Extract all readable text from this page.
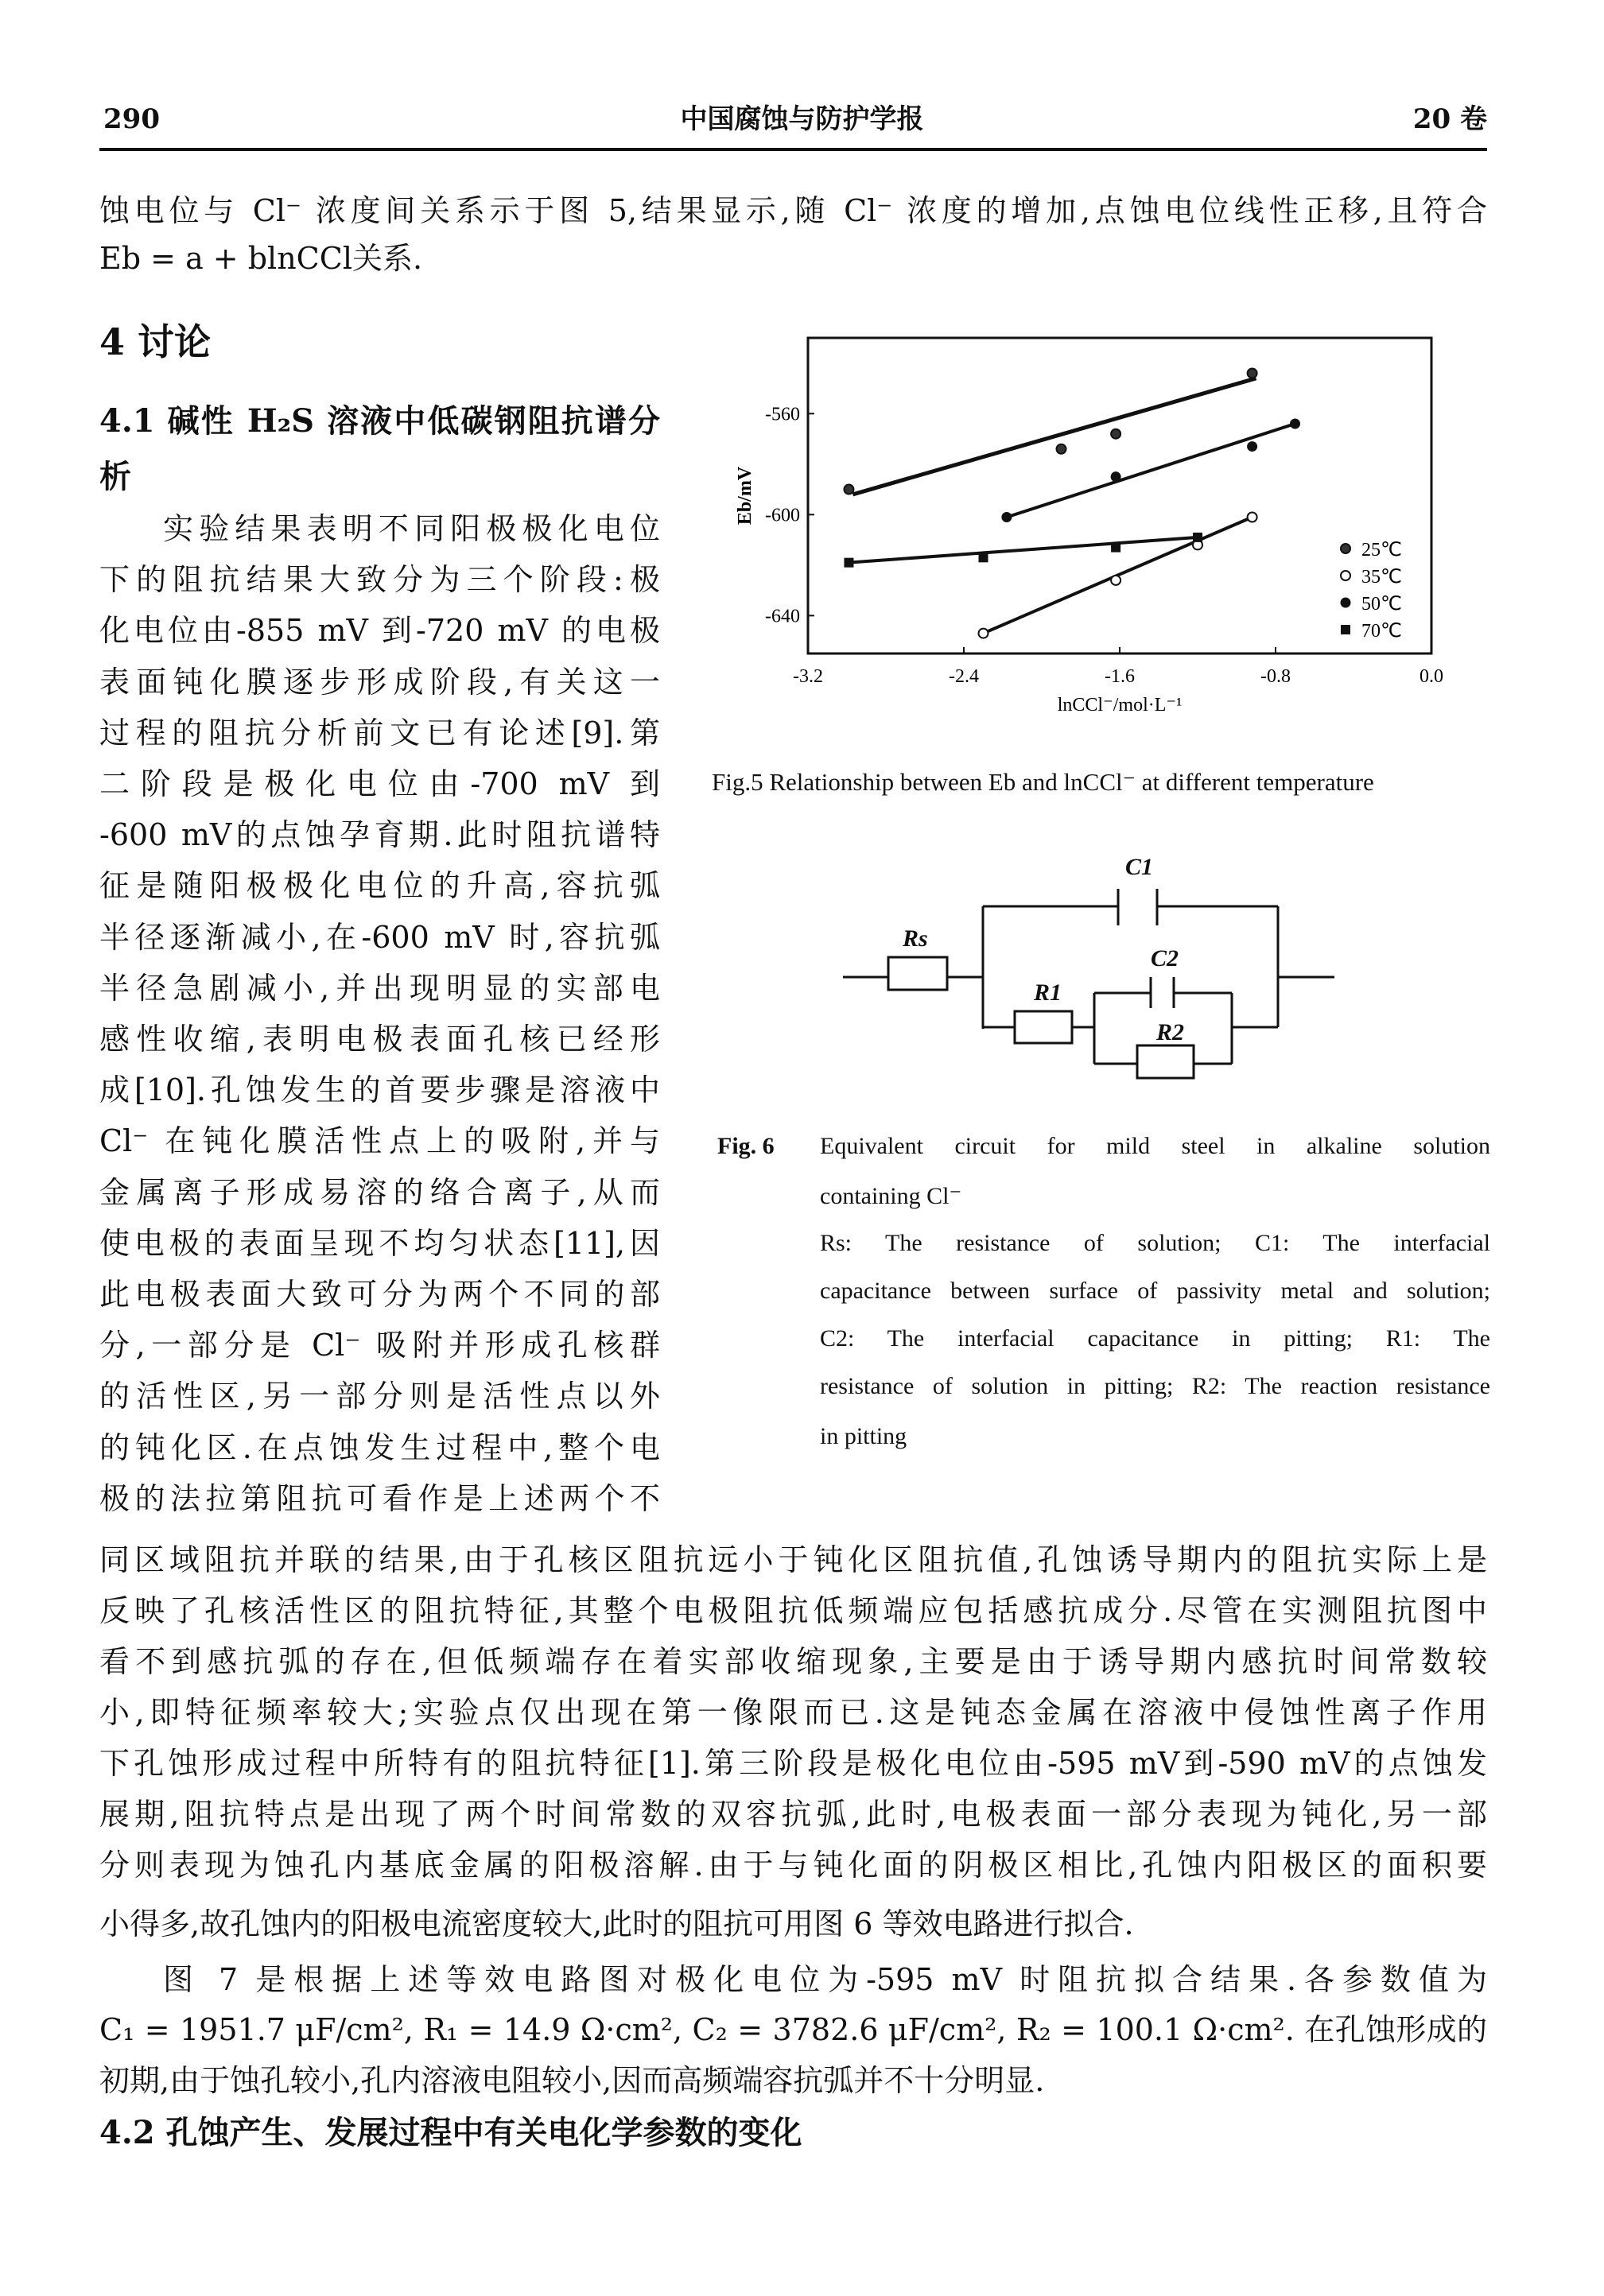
290	中国腐蚀与防护学报	20 卷
蚀电位与 Cl⁻ 浓度间关系示于图 5,结果显示,随 Cl⁻ 浓度的增加,点蚀电位线性正移,且符合
Eb = a + blnCCl关系.
4 讨论
4.1 碱性 H₂S 溶液中低碳钢阻抗谱分
析
实验结果表明不同阳极极化电位
下的阻抗结果大致分为三个阶段:极
化电位由-855 mV 到-720 mV 的电极
表面钝化膜逐步形成阶段,有关这一
过程的阻抗分析前文已有论述[9].第
二阶段是极化电位由-700 mV 到
-600 mV的点蚀孕育期.此时阻抗谱特
征是随阳极极化电位的升高,容抗弧
半径逐渐减小,在-600 mV 时,容抗弧
半径急剧减小,并出现明显的实部电
感性收缩,表明电极表面孔核已经形
成[10].孔蚀发生的首要步骤是溶液中
Cl⁻ 在钝化膜活性点上的吸附,并与
金属离子形成易溶的络合离子,从而
使电极的表面呈现不均匀状态[11],因
此电极表面大致可分为两个不同的部
分,一部分是 Cl⁻ 吸附并形成孔核群
的活性区,另一部分则是活性点以外
的钝化区.在点蚀发生过程中,整个电
极的法拉第阻抗可看作是上述两个不
同区域阻抗并联的结果,由于孔核区阻抗远小于钝化区阻抗值,孔蚀诱导期内的阻抗实际上是
反映了孔核活性区的阻抗特征,其整个电极阻抗低频端应包括感抗成分.尽管在实测阻抗图中
看不到感抗弧的存在,但低频端存在着实部收缩现象,主要是由于诱导期内感抗时间常数较
小,即特征频率较大;实验点仅出现在第一像限而已.这是钝态金属在溶液中侵蚀性离子作用
下孔蚀形成过程中所特有的阻抗特征[1].第三阶段是极化电位由-595 mV到-590 mV的点蚀发
展期,阻抗特点是出现了两个时间常数的双容抗弧,此时,电极表面一部分表现为钝化,另一部
分则表现为蚀孔内基底金属的阳极溶解.由于与钝化面的阴极区相比,孔蚀内阳极区的面积要
小得多,故孔蚀内的阳极电流密度较大,此时的阻抗可用图 6 等效电路进行拟合.
图 7 是根据上述等效电路图对极化电位为-595 mV 时阻抗拟合结果.各参数值为
C₁ = 1951.7 μF/cm², R₁ = 14.9 Ω·cm², C₂ = 3782.6 μF/cm², R₂ = 100.1 Ω·cm². 在孔蚀形成的
初期,由于蚀孔较小,孔内溶液电阻较小,因而高频端容抗弧并不十分明显.
4.2 孔蚀产生、发展过程中有关电化学参数的变化
-3.2	-2.4	-1.6	-0.8	0.0
-560
-600
-640
lnCCl⁻/mol·L⁻¹
Eb/mV
25℃
35℃
50℃
70℃
Fig.5 Relationship between Eb and lnCCl⁻ at different temperature
C1
Rs
C2
R1
R2
Fig. 6 Equivalent circuit for mild steel in alkaline solution
containing Cl⁻
Rs: The resistance of solution; C1: The interfacial
capacitance between surface of passivity metal and solution;
C2: The interfacial capacitance in pitting; R1: The
resistance of solution in pitting; R2: The reaction resistance
in pitting
